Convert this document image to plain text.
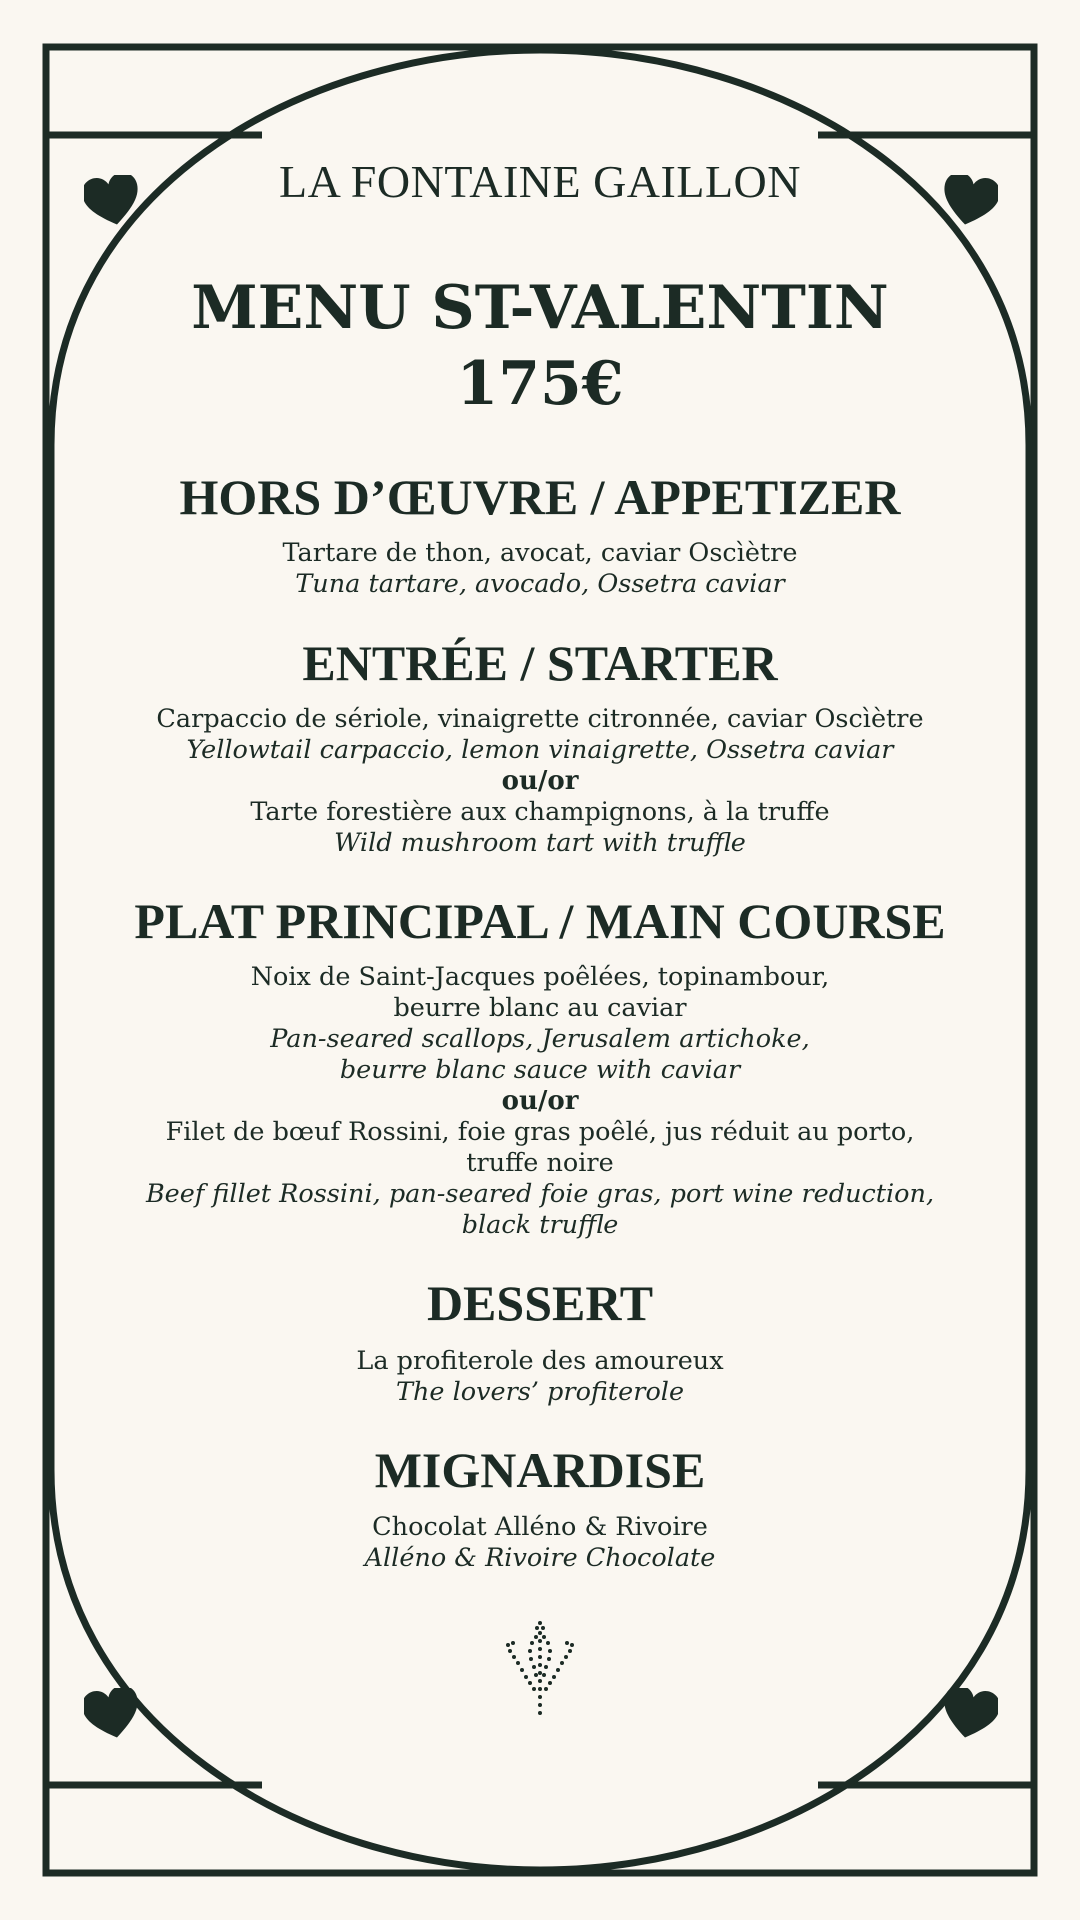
LA FONTAINE GAILLON
MENU ST-VALENTIN
175€
HORS D’ŒUVRE / APPETIZER
Tartare de thon, avocat, caviar Oscìètre
Tuna tartare, avocado, Ossetra caviar
ENTRÉE / STARTER
Carpaccio de sériole, vinaigrette citronnée, caviar Oscìètre
Yellowtail carpaccio, lemon vinaigrette, Ossetra caviar
ou/or
Tarte forestière aux champignons, à la truffe
Wild mushroom tart with truffle
PLAT PRINCIPAL / MAIN COURSE
Noix de Saint-Jacques poêlées, topinambour,
beurre blanc au caviar
Pan-seared scallops, Jerusalem artichoke,
beurre blanc sauce with caviar
ou/or
Filet de bœuf Rossini, foie gras poêlé, jus réduit au porto,
truffe noire
Beef fillet Rossini, pan-seared foie gras, port wine reduction,
black truffle
DESSERT
La profiterole des amoureux
The lovers’ profiterole
MIGNARDISE
Chocolat Alléno & Rivoire
Alléno & Rivoire Chocolate
